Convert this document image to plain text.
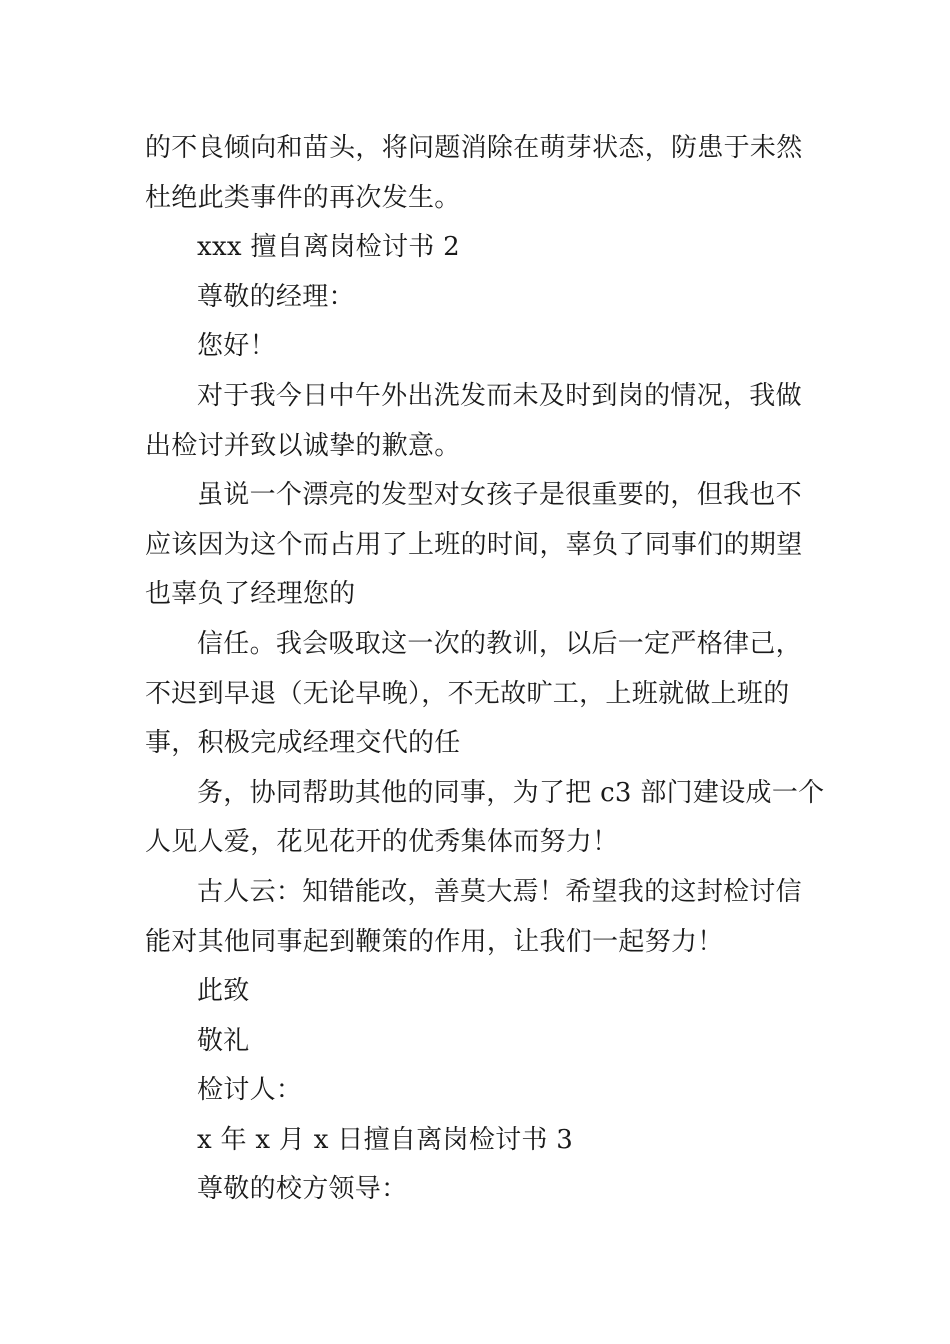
的不良倾向和苗头，将问题消除在萌芽状态，防患于未然
杜绝此类事件的再次发生。
xxx 擅自离岗检讨书 2
尊敬的经理：
您好！
对于我今日中午外出洗发而未及时到岗的情况，我做
出检讨并致以诚挚的歉意。
虽说一个漂亮的发型对女孩子是很重要的，但我也不
应该因为这个而占用了上班的时间，辜负了同事们的期望
也辜负了经理您的
信任。我会吸取这一次的教训，以后一定严格律己，
不迟到早退（无论早晚），不无故旷工，上班就做上班的
事，积极完成经理交代的任
务，协同帮助其他的同事，为了把 c3 部门建设成一个
人见人爱，花见花开的优秀集体而努力！
古人云：知错能改，善莫大焉！希望我的这封检讨信
能对其他同事起到鞭策的作用，让我们一起努力！
此致
敬礼
检讨人：
x 年 x 月 x 日擅自离岗检讨书 3
尊敬的校方领导：
